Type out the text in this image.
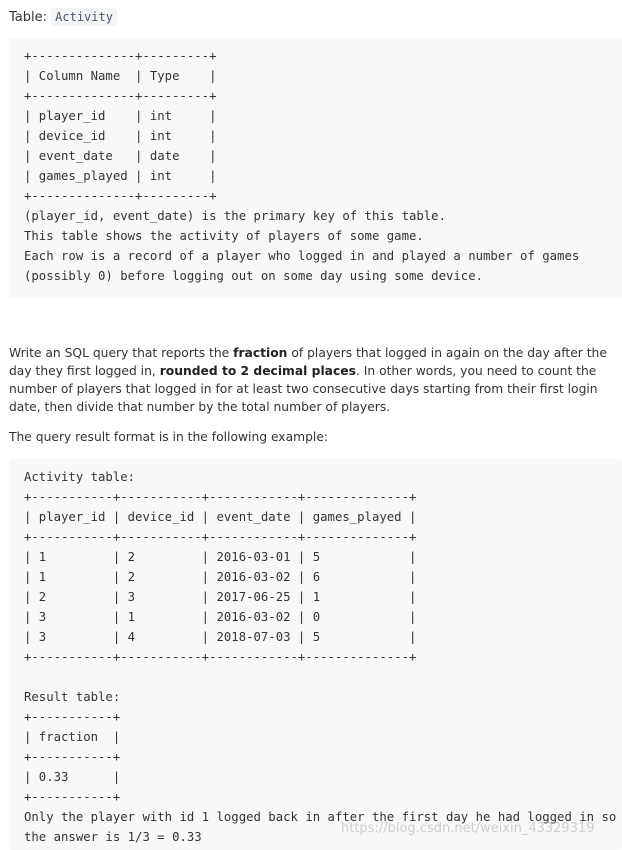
Table: Activity
+--------------+---------+
| Column Name  | Type    |
+--------------+---------+
| player_id    | int     |
| device_id    | int     |
| event_date   | date    |
| games_played | int     |
+--------------+---------+
(player_id, event_date) is the primary key of this table.
This table shows the activity of players of some game.
Each row is a record of a player who logged in and played a number of games
(possibly 0) before logging out on some day using some device.

Write an SQL query that reports the fraction of players that logged in again on the day after the day they first logged in, rounded to 2 decimal places. In other words, you need to count the number of players that logged in for at least two consecutive days starting from their first login date, then divide that number by the total number of players.

The query result format is in the following example:

Activity table:
+-----------+-----------+------------+--------------+
| player_id | device_id | event_date | games_played |
+-----------+-----------+------------+--------------+
| 1         | 2         | 2016-03-01 | 5            |
| 1         | 2         | 2016-03-02 | 6            |
| 2         | 3         | 2017-06-25 | 1            |
| 3         | 1         | 2016-03-02 | 0            |
| 3         | 4         | 2018-07-03 | 5            |
+-----------+-----------+------------+--------------+

Result table:
+-----------+
| fraction  |
+-----------+
| 0.33      |
+-----------+
Only the player with id 1 logged back in after the first day he had logged in so
the answer is 1/3 = 0.33
https://blog.csdn.net/weixin_43329319
